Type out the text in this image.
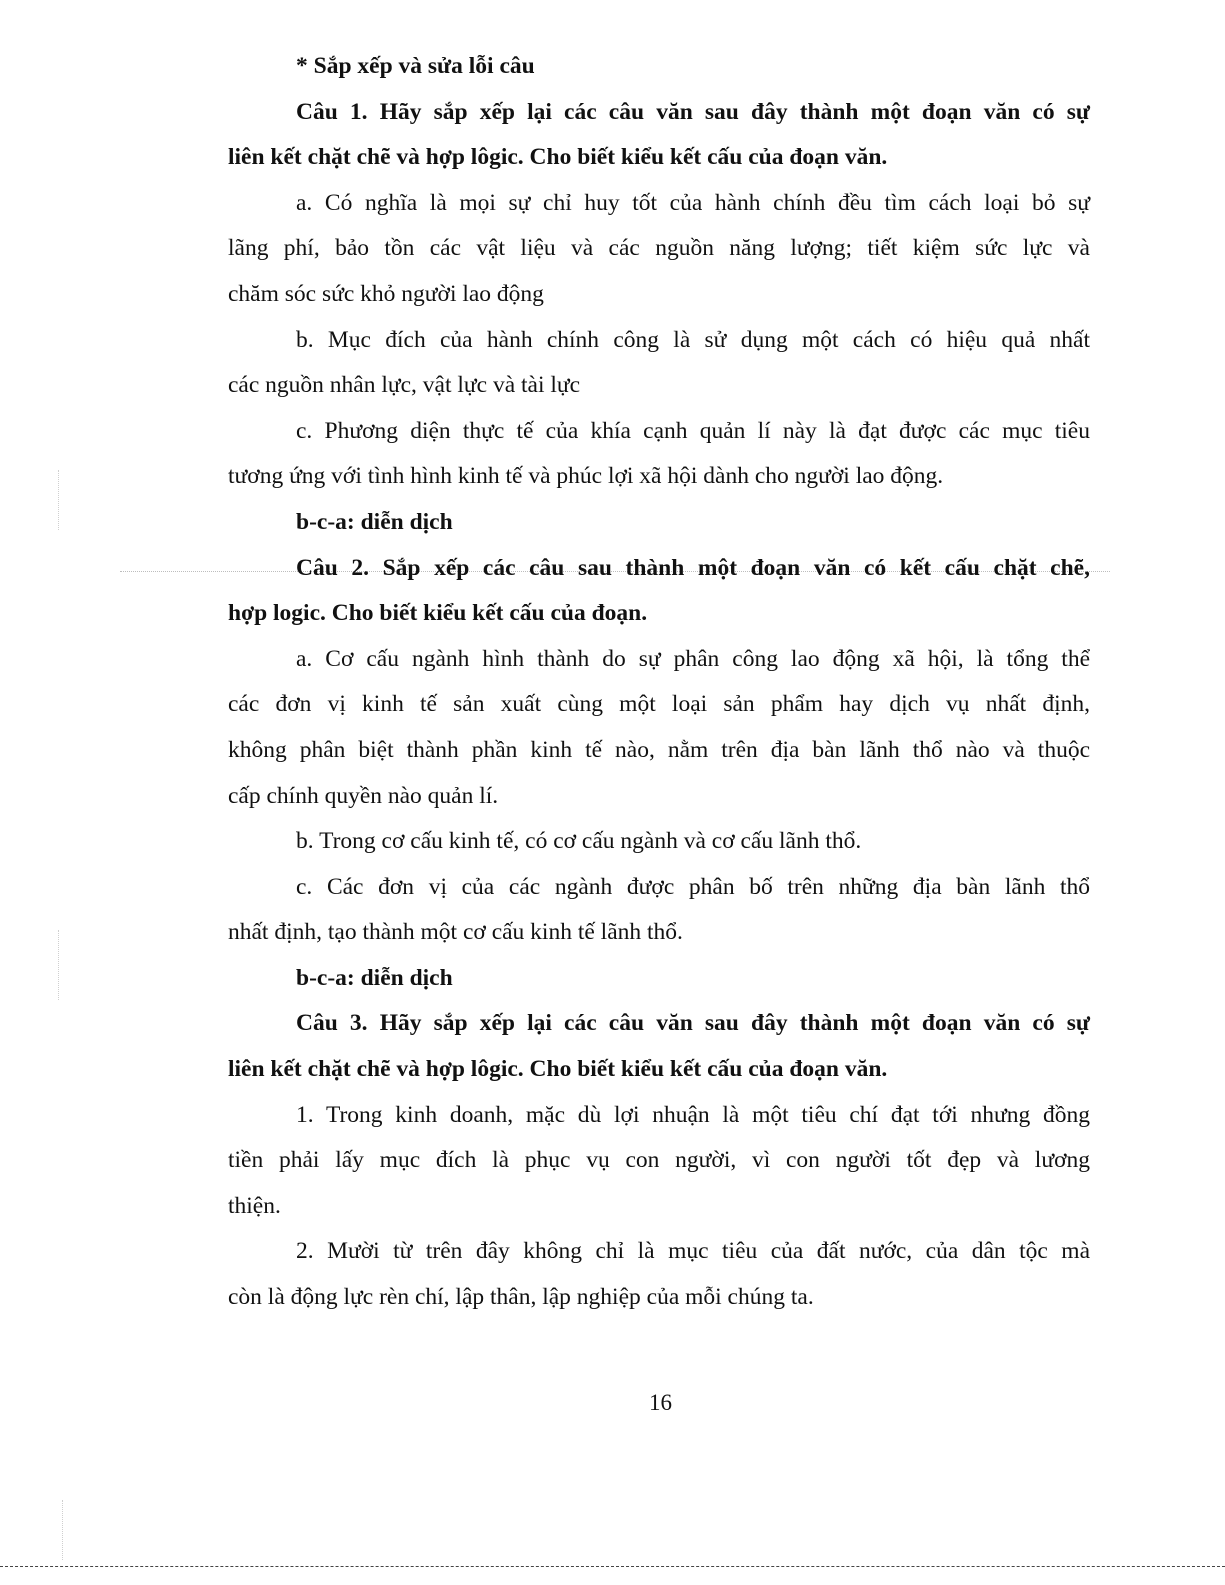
* Sắp xếp và sửa lỗi câu
Câu 1. Hãy sắp xếp lại các câu văn sau đây thành một đoạn văn có sự
liên kết chặt chẽ và hợp lôgic. Cho biết kiểu kết cấu của đoạn văn.
a. Có nghĩa là mọi sự chỉ huy tốt của hành chính đều tìm cách loại bỏ sự
lãng phí, bảo tồn các vật liệu và các nguồn năng lượng; tiết kiệm sức lực và
chăm sóc sức khỏ người lao động
b. Mục đích của hành chính công là sử dụng một cách có hiệu quả nhất
các nguồn nhân lực, vật lực và tài lực
c. Phương diện thực tế của khía cạnh quản lí này là đạt được các mục tiêu
tương ứng với tình hình kinh tế và phúc lợi xã hội dành cho người lao động.
b-c-a: diễn dịch
Câu 2. Sắp xếp các câu sau thành một đoạn văn có kết cấu chặt chẽ,
hợp logic. Cho biết kiểu kết cấu của đoạn.
a. Cơ cấu ngành hình thành do sự phân công lao động xã hội, là tổng thể
các đơn vị kinh tế sản xuất cùng một loại sản phẩm hay dịch vụ nhất định,
không phân biệt thành phần kinh tế nào, nằm trên địa bàn lãnh thổ nào và thuộc
cấp chính quyền nào quản lí.
b. Trong cơ cấu kinh tế, có cơ cấu ngành và cơ cấu lãnh thổ.
c. Các đơn vị của các ngành được phân bố trên những địa bàn lãnh thổ
nhất định, tạo thành một cơ cấu kinh tế lãnh thổ.
b-c-a: diễn dịch
Câu 3. Hãy sắp xếp lại các câu văn sau đây thành một đoạn văn có sự
liên kết chặt chẽ và hợp lôgic. Cho biết kiểu kết cấu của đoạn văn.
1. Trong kinh doanh, mặc dù lợi nhuận là một tiêu chí đạt tới nhưng đồng
tiền phải lấy mục đích là phục vụ con người, vì con người tốt đẹp và lương
thiện.
2. Mười từ trên đây không chỉ là mục tiêu của đất nước, của dân tộc mà
còn là động lực rèn chí, lập thân, lập nghiệp của mỗi chúng ta.
16
